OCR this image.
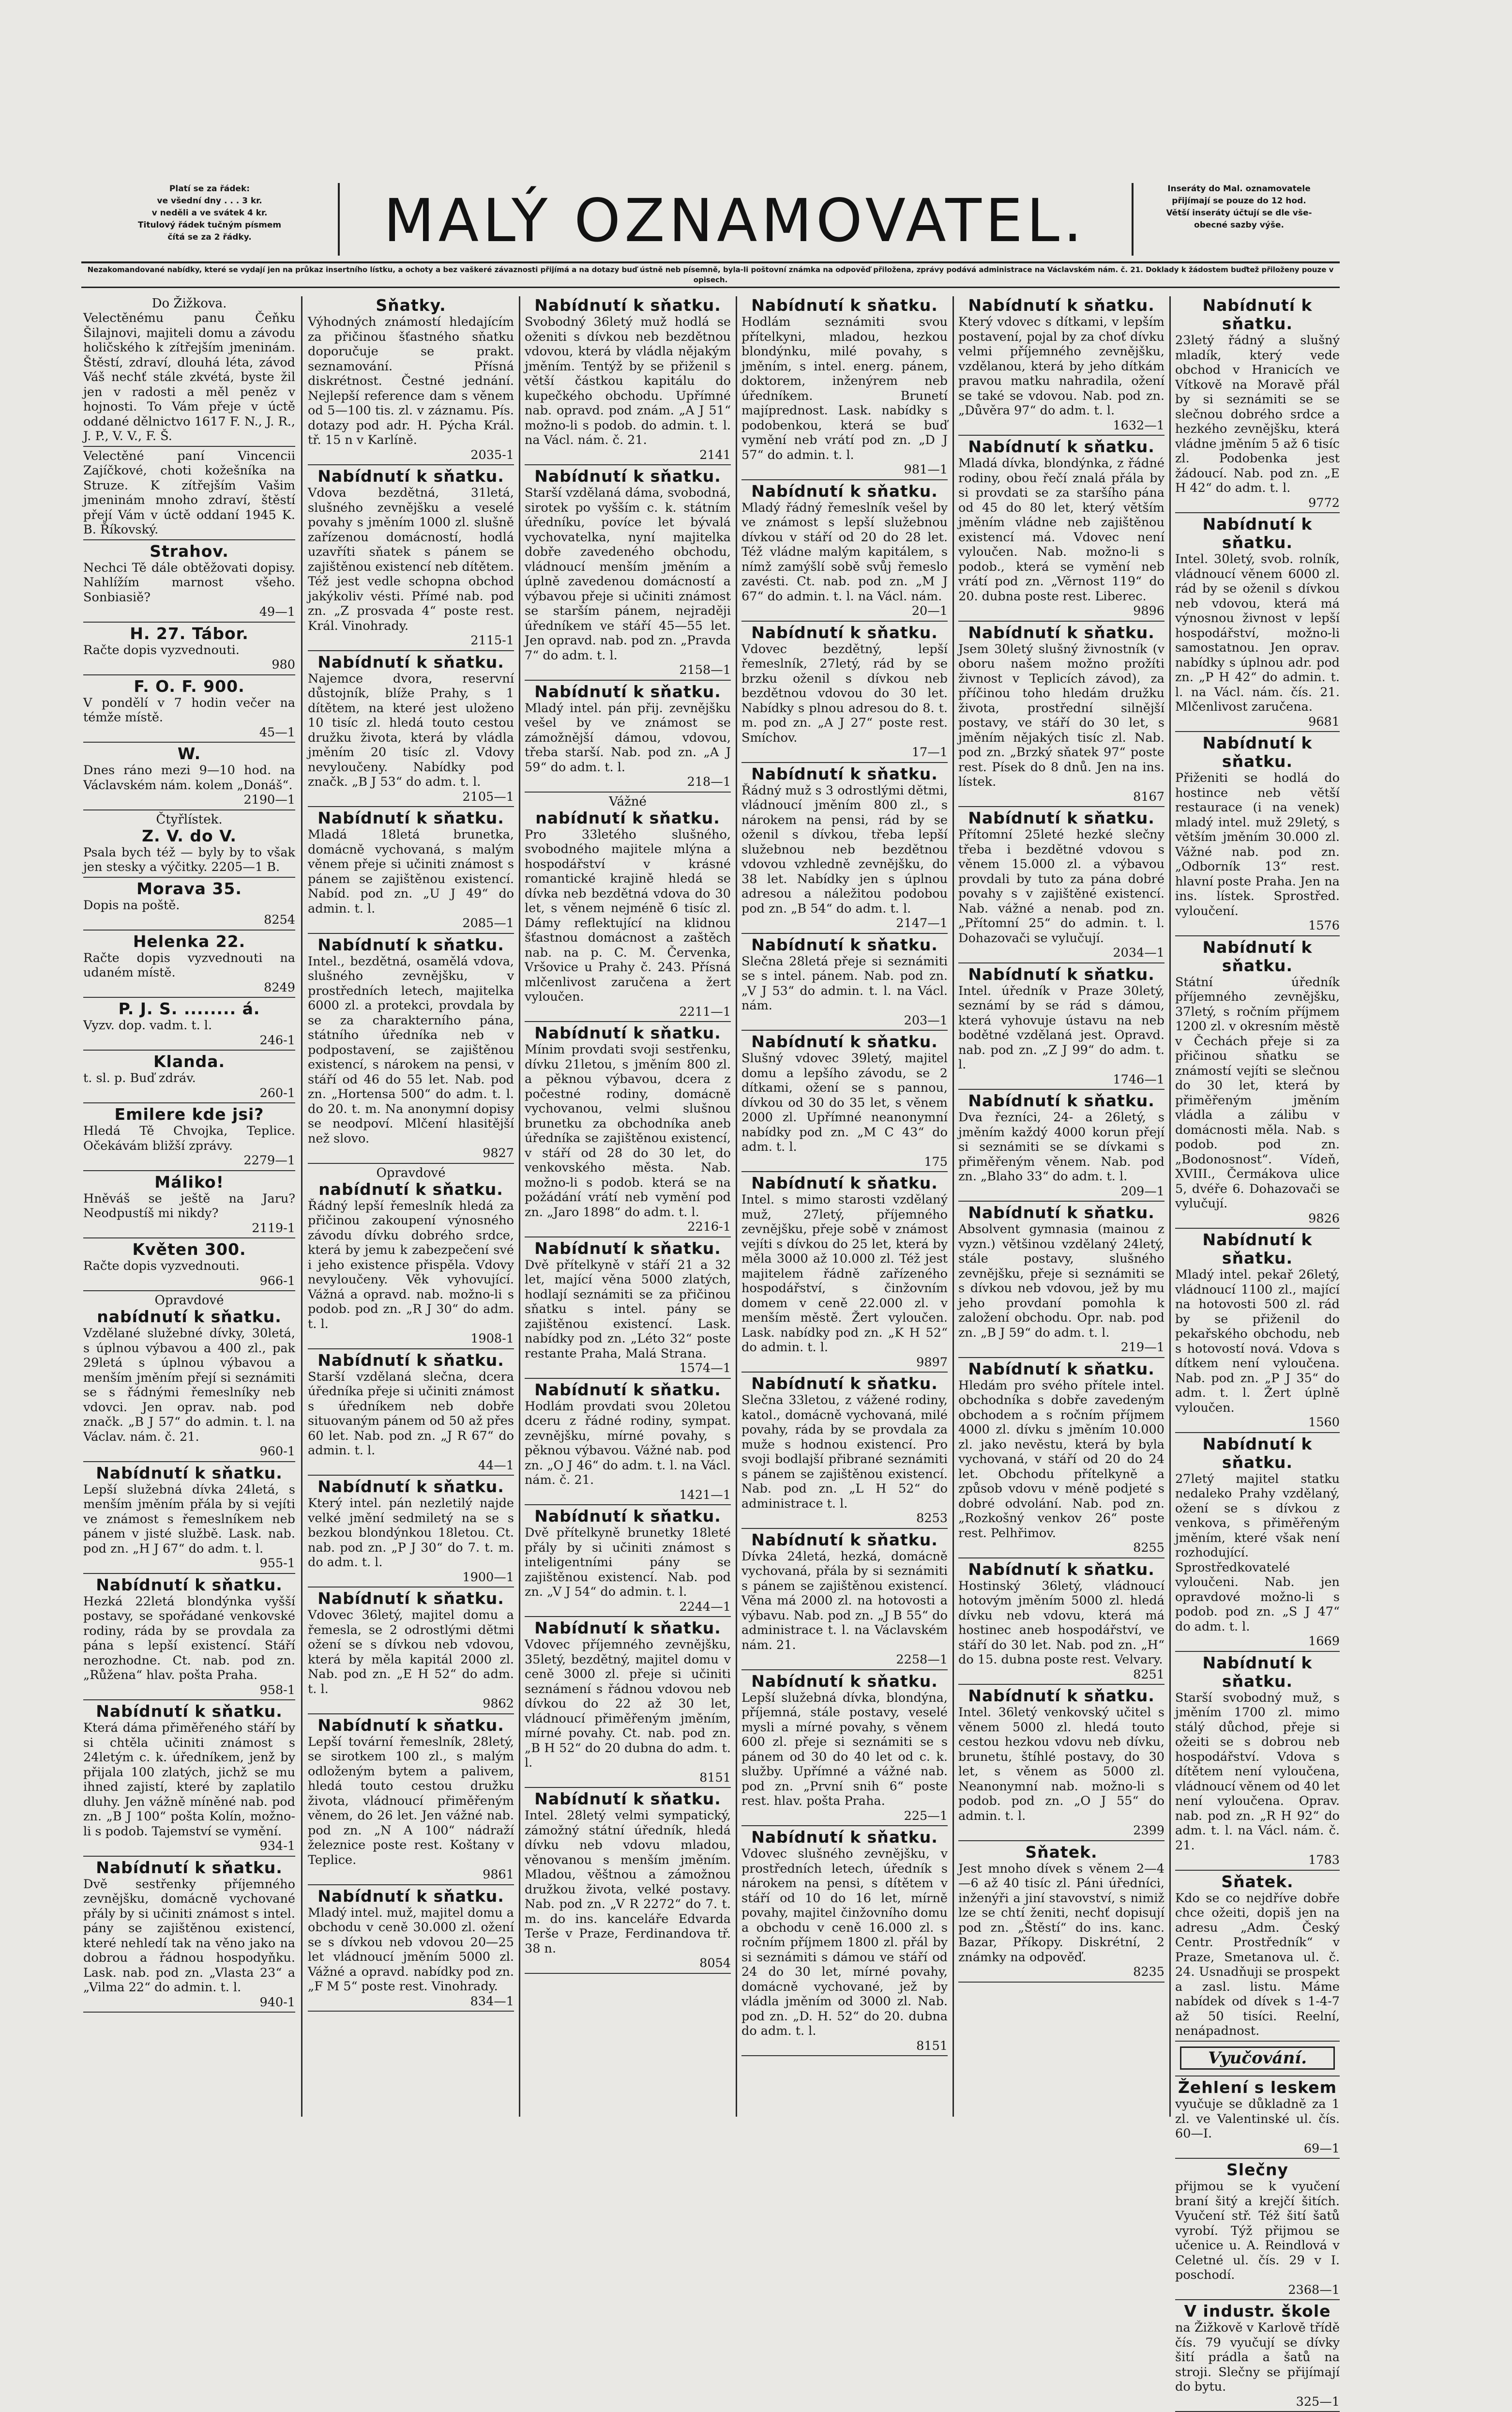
Platí se za řádek:
ve všední dny . . . 3 kr.
v neděli a ve svátek 4 kr.
Titulový řádek tučným písmem
čítá se za 2 řádky.	MALÝ OZNAMOVATEL.	Inseráty do Mal. oznamovatele
přijímají se pouze do 12 hod.
Větší inseráty účtují se dle vše-
obecné sazby výše.
Nezakomandované nabídky, které se vydají jen na průkaz insertního lístku, a ochoty a bez vaškeré závaznosti přijímá a na dotazy buď ústně neb písemně, byla-li poštovní známka na odpověď přiložena, zprávy podává administrace na Václavském nám. č. 21. Doklady k žádostem buďtež přiloženy pouze v opisech.
Do Žižkova.

Velectěnému panu Čeňku Šilajnovi, majiteli domu a závodu holičského k zítřejším jmeninám. Štěstí, zdraví, dlouhá léta, závod Váš nechť stále zkvétá, byste žil jen v radosti a měl peněz v hojnosti. To Vám přeje v úctě oddané dělnictvo 1617 F. N., J. R., J. P., V. V., F. Š.

Velectěné paní Vincencii Zajíčkové, choti kožešníka na Struze. K zítřejším Vašim jmeninám mnoho zdraví, štěstí přejí Vám v úctě oddaní 1945 K. B. Říkovský.

Strahov.

Nechci Tě dále obtěžovati dopisy. Nahlížím marnost všeho. Sonbiasiě?

49—1
H. 27. Tábor.

Račte dopis vyzvednouti.

980
F. O. F. 900.

V pondělí v 7 hodin večer na témže místě.

45—1
W.

Dnes ráno mezi 9—10 hod. na Václavském nám. kolem „Donáš“.

2190—1
Čtyřlístek.
Z. V. do V.

Psala bych též — byly by to však jen stesky a výčitky. 2205—1 B.

Morava 35.

Dopis na poště.

8254
Helenka 22.

Račte dopis vyzvednouti na udaném místě.

8249
P. J. S. ........ á.

Vyzv. dop. vadm. t. l.

246-1
Klanda.

t. sl. p. Buď zdráv.

260-1
Emilere kde jsi?

Hledá Tě Chvojka, Teplice. Očekávám bližší zprávy.

2279—1
Máliko!

Hněváš se ještě na Jaru? Neodpustíš mi nikdy?

2119-1
Květen 300.

Račte dopis vyzvednouti.

966-1
Opravdové
nabídnutí k sňatku.

Vzdělané služebné dívky, 30letá, s úplnou výbavou a 400 zl., pak 29letá s úplnou výbavou a menším jměním přejí si seznámiti se s řádnými řemeslníky neb vdovci. Jen oprav. nab. pod značk. „B J 57“ do admin. t. l. na Václav. nám. č. 21.

960-1
Nabídnutí k sňatku.

Lepší služebná dívka 24letá, s menším jměním přála by si vejíti ve známost s řemeslníkem neb pánem v jisté službě. Lask. nab. pod zn. „H J 67“ do adm. t. l.

955-1
Nabídnutí k sňatku.

Hezká 22letá blondýnka vyšší postavy, se spořádané venkovské rodiny, ráda by se provdala za pána s lepší existencí. Stáří nerozhodne. Ct. nab. pod zn. „Růžena“ hlav. pošta Praha.

958-1
Nabídnutí k sňatku.

Která dáma přiměřeného stáří by si chtěla učiniti známost s 24letým c. k. úředníkem, jenž by přijala 100 zlatých, jichž se mu ihned zajistí, které by zaplatilo dluhy. Jen vážně míněné nab. pod zn. „B J 100“ pošta Kolín, možno-li s podob. Tajemství se vymění.

934-1
Nabídnutí k sňatku.

Dvě sestřenky příjemného zevnějšku, domácně vychované přály by si učiniti známost s intel. pány se zajištěnou existencí, které nehledí tak na věno jako na dobrou a řádnou hospodyňku. Lask. nab. pod zn. „Vlasta 23“ a „Vilma 22“ do admin. t. l.

940-1
Sňatky.

Výhodných známostí hledajícím za přičinou šťastného sňatku doporučuje se prakt. seznamování. Přísná diskrétnost. Čestné jednání. Nejlepší reference dam s věnem od 5—100 tis. zl. v záznamu. Pís. dotazy pod adr. H. Pýcha Král. tř. 15 n v Karlíně.

2035-1
Nabídnutí k sňatku.

Vdova bezdětná, 31letá, slušného zevnějšku a veselé povahy s jměním 1000 zl. slušně zařízenou domácností, hodlá uzavříti sňatek s pánem se zajištěnou existencí neb dítětem. Též jest vedle schopna obchod jakýkoliv vésti. Přímé nab. pod zn. „Z prosvada 4“ poste rest. Král. Vinohrady.

2115-1
Nabídnutí k sňatku.

Najemce dvora, reservní důstojník, blíže Prahy, s 1 dítětem, na které jest uloženo 10 tisíc zl. hledá touto cestou družku života, která by vládla jměním 20 tisíc zl. Vdovy nevyloučeny. Nabídky pod značk. „B J 53“ do adm. t. l.

2105—1
Nabídnutí k sňatku.

Mladá 18letá brunetka, domácně vychovaná, s malým věnem přeje si učiniti známost s pánem se zajištěnou existencí. Nabíd. pod zn. „U J 49“ do admin. t. l.

2085—1
Nabídnutí k sňatku.

Intel., bezdětná, osamělá vdova, slušného zevnějšku, v prostředních letech, majitelka 6000 zl. a protekci, provdala by se za charakterního pána, státního úředníka neb v podpostavení, se zajištěnou existencí, s nárokem na pensi, v stáří od 46 do 55 let. Nab. pod zn. „Hortensa 500“ do adm. t. l. do 20. t. m. Na anonymní dopisy se neodpoví. Mlčení hlasitější než slovo.

9827
Opravdové
nabídnutí k sňatku.

Řádný lepší řemeslník hledá za přičinou zakoupení výnosného závodu dívku dobrého srdce, která by jemu k zabezpečení své i jeho existence přispěla. Vdovy nevyloučeny. Věk vyhovující. Vážná a opravd. nab. možno-li s podob. pod zn. „R J 30“ do adm. t. l.

1908-1
Nabídnutí k sňatku.

Starší vzdělaná slečna, dcera úředníka přeje si učiniti známost s úředníkem neb dobře situovaným pánem od 50 až přes 60 let. Nab. pod zn. „J R 67“ do admin. t. l.

44—1
Nabídnutí k sňatku.

Který intel. pán nezletilý najde velké jmění sedmiletý na se s bezkou blondýnkou 18letou. Ct. nab. pod zn. „P J 30“ do 7. t. m. do adm. t. l.

1900—1
Nabídnutí k sňatku.

Vdovec 36letý, majitel domu a řemesla, se 2 odrostlými dětmi ožení se s dívkou neb vdovou, která by měla kapitál 2000 zl. Nab. pod zn. „E H 52“ do adm. t. l.

9862
Nabídnutí k sňatku.

Lepší tovární řemeslník, 28letý, se sirotkem 100 zl., s malým odloženým bytem a palivem, hledá touto cestou družku života, vládnoucí přiměřeným věnem, do 26 let. Jen vážné nab. pod zn. „N A 100“ nádraží železnice poste rest. Koštany v Teplice.

9861
Nabídnutí k sňatku.

Mladý intel. muž, majitel domu a obchodu v ceně 30.000 zl. ožení se s dívkou neb vdovou 20—25 let vládnoucí jměním 5000 zl. Vážné a opravd. nabídky pod zn. „F M 5“ poste rest. Vinohrady.

834—1
Nabídnutí k sňatku.

Svobodný 36letý muž hodlá se oženiti s dívkou neb bezdětnou vdovou, která by vládla nějakým jměním. Tentýž by se přiženil s větší částkou kapitálu do kupečkého obchodu. Upřímné nab. opravd. pod znám. „A J 51“ možno-li s podob. do admin. t. l. na Václ. nám. č. 21.

2141
Nabídnutí k sňatku.

Starší vzdělaná dáma, svobodná, sirotek po vyšším c. k. státním úředníku, povíce let bývalá vychovatelka, nyní majitelka dobře zavedeného obchodu, vládnoucí menším jměním a úplně zavedenou domácností a výbavou přeje si učiniti známost se starším pánem, nejraději úředníkem ve stáří 45—55 let. Jen opravd. nab. pod zn. „Pravda 7“ do adm. t. l.

2158—1
Nabídnutí k sňatku.

Mladý intel. pán přij. zevnějšku vešel by ve známost se zámožnější dámou, vdovou, třeba starší. Nab. pod zn. „A J 59“ do adm. t. l.

218—1
Vážné
nabídnutí k sňatku.

Pro 33letého slušného, svobodného majitele mlýna a hospodářství v krásné romantické krajině hledá se dívka neb bezdětná vdova do 30 let, s věnem nejméně 6 tisíc zl. Dámy reflektující na klidnou šťastnou domácnost a zaštěch nab. na p. C. M. Červenka, Vršovice u Prahy č. 243. Přísná mlčenlivost zaručena a žert vyloučen.

2211—1
Nabídnutí k sňatku.

Mínim provdati svoji sestřenku, dívku 21letou, s jměním 800 zl. a pěknou výbavou, dcera z počestné rodiny, domácně vychovanou, velmi slušnou brunetku za obchodníka aneb úředníka se zajištěnou existencí, v stáří od 28 do 30 let, do venkovského města. Nab. možno-li s podob. která se na požádání vrátí neb vymění pod zn. „Jaro 1898“ do adm. t. l.

2216-1
Nabídnutí k sňatku.

Dvě přítelkyně v stáří 21 a 32 let, mající věna 5000 zlatých, hodlají seznámiti se za přičinou sňatku s intel. pány se zajištěnou existencí. Lask. nabídky pod zn. „Léto 32“ poste restante Praha, Malá Strana.

1574—1
Nabídnutí k sňatku.

Hodlám provdati svou 20letou dceru z řádné rodiny, sympat. zevnějšku, mírné povahy, s pěknou výbavou. Vážné nab. pod zn. „O J 46“ do adm. t. l. na Václ. nám. č. 21.

1421—1
Nabídnutí k sňatku.

Dvě přítelkyně brunetky 18leté přály by si učiniti známost s inteligentními pány se zajištěnou existencí. Nab. pod zn. „V J 54“ do admin. t. l.

2244—1
Nabídnutí k sňatku.

Vdovec příjemného zevnějšku, 35letý, bezdětný, majitel domu v ceně 3000 zl. přeje si učiniti seznámení s řádnou vdovou neb dívkou do 22 až 30 let, vládnoucí přiměřeným jměním, mírné povahy. Ct. nab. pod zn. „B H 52“ do 20 dubna do adm. t. l.

8151
Nabídnutí k sňatku.

Intel. 28letý velmi sympatický, zámožný státní úředník, hledá dívku neb vdovu mladou, věnovanou s menším jměním. Mladou, věštnou a zámožnou družkou života, velké postavy. Nab. pod zn. „V R 2272“ do 7. t. m. do ins. kanceláře Edvarda Terše v Praze, Ferdinandova tř. 38 n.

8054
Nabídnutí k sňatku.

Hodlám seznámiti svou přítelkyni, mladou, hezkou blondýnku, milé povahy, s jměním, s intel. energ. pánem, doktorem, inženýrem neb úředníkem. Brunetí majíprednost. Lask. nabídky s podobenkou, která se buď vymění neb vrátí pod zn. „D J 57“ do admin. t. l.

981—1
Nabídnutí k sňatku.

Mladý řádný řemeslník vešel by ve známost s lepší služebnou dívkou v stáří od 20 do 28 let. Též vládne malým kapitálem, s nímž zamýšlí sobě svůj řemeslo zavésti. Ct. nab. pod zn. „M J 67“ do admin. t. l. na Václ. nám.

20—1
Nabídnutí k sňatku.

Vdovec bezdětný, lepší řemeslník, 27letý, rád by se brzku oženil s dívkou neb bezdětnou vdovou do 30 let. Nabídky s plnou adresou do 8. t. m. pod zn. „A J 27“ poste rest. Smíchov.

17—1
Nabídnutí k sňatku.

Řádný muž s 3 odrostlými dětmi, vládnoucí jměním 800 zl., s nárokem na pensi, rád by se oženil s dívkou, třeba lepší služebnou neb bezdětnou vdovou vzhledně zevnějšku, do 38 let. Nabídky jen s úplnou adresou a náležitou podobou pod zn. „B 54“ do adm. t. l.

2147—1
Nabídnutí k sňatku.

Slečna 28letá přeje si seznámiti se s intel. pánem. Nab. pod zn. „V J 53“ do admin. t. l. na Václ. nám.

203—1
Nabídnutí k sňatku.

Slušný vdovec 39letý, majitel domu a lepšího závodu, se 2 dítkami, ožení se s pannou, dívkou od 30 do 35 let, s věnem 2000 zl. Upřímné neanonymní nabídky pod zn. „M C 43“ do adm. t. l.

175
Nabídnutí k sňatku.

Intel. s mimo starosti vzdělaný muž, 27letý, příjemného zevnějšku, přeje sobě v známost vejíti s dívkou do 25 let, která by měla 3000 až 10.000 zl. Též jest majitelem řádně zařízeného hospodářství, s činžovním domem v ceně 22.000 zl. v menším městě. Žert vyloučen. Lask. nabídky pod zn. „K H 52“ do admin. t. l.

9897
Nabídnutí k sňatku.

Slečna 33letou, z vážené rodiny, katol., domácně vychovaná, milé povahy, ráda by se provdala za muže s hodnou existencí. Pro svoji bodlajší přibrané seznámiti s pánem se zajištěnou existencí. Nab. pod zn. „L H 52“ do administrace t. l.

8253
Nabídnutí k sňatku.

Dívka 24letá, hezká, domácně vychovaná, přála by si seznámiti s pánem se zajištěnou existencí. Věna má 2000 zl. na hotovosti a výbavu. Nab. pod zn. „J B 55“ do administrace t. l. na Václavském nám. 21.

2258—1
Nabídnutí k sňatku.

Lepší služebná dívka, blondýna, příjemná, stále postavy, veselé mysli a mírné povahy, s věnem 600 zl. přeje si seznámiti se s pánem od 30 do 40 let od c. k. služby. Upřímné a vážné nab. pod zn. „První snih 6“ poste rest. hlav. pošta Praha.

225—1
Nabídnutí k sňatku.

Vdovec slušného zevnějšku, v prostředních letech, úředník s nárokem na pensi, s dítětem v stáří od 10 do 16 let, mírně povahy, majitel činžovního domu a obchodu v ceně 16.000 zl. s ročním příjmem 1800 zl. přál by si seznámiti s dámou ve stáří od 24 do 30 let, mírné povahy, domácně vychované, jež by vládla jměním od 3000 zl. Nab. pod zn. „D. H. 52“ do 20. dubna do adm. t. l.

8151
Nabídnutí k sňatku.

Který vdovec s dítkami, v lepším postavení, pojal by za choť dívku velmi příjemného zevnějšku, vzdělanou, která by jeho dítkám pravou matku nahradila, ožení se také se vdovou. Nab. pod zn. „Důvěra 97“ do adm. t. l.

1632—1
Nabídnutí k sňatku.

Mladá dívka, blondýnka, z řádné rodiny, obou řečí znalá přála by si provdati se za staršího pána od 45 do 80 let, který větším jměním vládne neb zajištěnou existencí má. Vdovec není vyloučen. Nab. možno-li s podob., která se vymění neb vrátí pod zn. „Věrnost 119“ do 20. dubna poste rest. Liberec.

9896
Nabídnutí k sňatku.

Jsem 30letý slušný živnostník (v oboru našem možno prožíti živnost v Teplicích závod), za příčinou toho hledám družku života, prostřední silnější postavy, ve stáří do 30 let, s jměním nějakých tisíc zl. Nab. pod zn. „Brzký sňatek 97“ poste rest. Písek do 8 dnů. Jen na ins. lístek.

8167
Nabídnutí k sňatku.

Přítomní 25leté hezké slečny třeba i bezdětné vdovou s věnem 15.000 zl. a výbavou provdali by tuto za pána dobré povahy s v zajištěné existencí. Nab. vážné a nenab. pod zn. „Přítomní 25“ do admin. t. l. Dohazovači se vylučují.

2034—1
Nabídnutí k sňatku.

Intel. úředník v Praze 30letý, seznámí by se rád s dámou, která vyhovuje ústavu na neb bodětné vzdělaná jest. Opravd. nab. pod zn. „Z J 99“ do adm. t. l.

1746—1
Nabídnutí k sňatku.

Dva řezníci, 24- a 26letý, s jměním každý 4000 korun přejí si seznámiti se se dívkami s přiměřeným věnem. Nab. pod zn. „Blaho 33“ do adm. t. l.

209—1
Nabídnutí k sňatku.

Absolvent gymnasia (mainou z vyzn.) většinou vzdělaný 24letý, stále postavy, slušného zevnějšku, přeje si seznámiti se s dívkou neb vdovou, jež by mu jeho provdaní pomohla k založení obchodu. Opr. nab. pod zn. „B J 59“ do adm. t. l.

219—1
Nabídnutí k sňatku.

Hledám pro svého přítele intel. obchodníka s dobře zavedeným obchodem a s ročním příjmem 4000 zl. dívku s jměním 10.000 zl. jako nevěstu, která by byla vychovaná, v stáří od 20 do 24 let. Obchodu přítelkyně a způsob vdovu v méně podjeté s dobré odvolání. Nab. pod zn. „Rozkošný venkov 26“ poste rest. Pelhřimov.

8255
Nabídnutí k sňatku.

Hostinský 36letý, vládnoucí hotovým jměním 5000 zl. hledá dívku neb vdovu, která má hostinec aneb hospodářství, ve stáří do 30 let. Nab. pod zn. „H“ do 15. dubna poste rest. Velvary.

8251
Nabídnutí k sňatku.

Intel. 36letý venkovský učitel s věnem 5000 zl. hledá touto cestou hezkou vdovu neb dívku, brunetu, štíhlé postavy, do 30 let, s věnem as 5000 zl. Neanonymní nab. možno-li s podob. pod zn. „O J 55“ do admin. t. l.

2399
Sňatek.

Jest mnoho dívek s věnem 2—4—6 až 40 tisíc zl. Páni úředníci, inženýři a jiní stavovství, s nimiž lze se chtí ženiti, nechť dopisují pod zn. „Štěstí“ do ins. kanc. Bazar, Příkopy. Diskrétní, 2 známky na odpověď.

8235
Nabídnutí k sňatku.

23letý řádný a slušný mladík, který vede obchod v Hranicích ve Vítkově na Moravě přál by si seznámiti se se slečnou dobrého srdce a hezkého zevnějšku, která vládne jměním 5 až 6 tisíc zl. Podobenka jest žádoucí. Nab. pod zn. „E H 42“ do adm. t. l.

9772
Nabídnutí k sňatku.

Intel. 30letý, svob. rolník, vládnoucí věnem 6000 zl. rád by se oženil s dívkou neb vdovou, která má výnosnou živnost v lepší hospodářství, možno-li samostatnou. Jen oprav. nabídky s úplnou adr. pod zn. „P H 42“ do admin. t. l. na Václ. nám. čís. 21. Mlčenlivost zaručena.

9681
Nabídnutí k sňatku.

Přiženiti se hodlá do hostince neb větší restaurace (i na venek) mladý intel. muž 29letý, s větším jměním 30.000 zl. Vážné nab. pod zn. „Odborník 13“ rest. hlavní poste Praha. Jen na ins. lístek. Sprostřed. vyloučení.

1576
Nabídnutí k sňatku.

Státní úředník příjemného zevnějšku, 37letý, s ročním příjmem 1200 zl. v okresním městě v Čechách přeje si za přičinou sňatku se známostí vejíti se slečnou do 30 let, která by přiměřeným jměním vládla a zálibu v domácnosti měla. Nab. s podob. pod zn. „Bodonosnost“. Vídeň, XVIII., Čermákova ulice 5, dvéře 6. Dohazovači se vylučují.

9826
Nabídnutí k sňatku.

Mladý intel. pekař 26letý, vládnoucí 1100 zl., mající na hotovosti 500 zl. rád by se přiženil do pekařského obchodu, neb s hotovostí nová. Vdova s dítkem není vyloučena. Nab. pod zn. „P J 35“ do adm. t. l. Žert úplně vyloučen.

1560
Nabídnutí k sňatku.

27letý majitel statku nedaleko Prahy vzdělaný, ožení se s dívkou z venkova, s přiměřeným jměním, které však není rozhodující. Sprostředkovatelé vyloučeni. Nab. jen opravdové možno-li s podob. pod zn. „S J 47“ do adm. t. l.

1669
Nabídnutí k sňatku.

Starší svobodný muž, s jměním 1700 zl. mimo stálý důchod, přeje si ožeiti se s dobrou neb hospodářství. Vdova s dítětem není vyloučena, vládnoucí věnem od 40 let není vyloučena. Oprav. nab. pod zn. „R H 92“ do adm. t. l. na Václ. nám. č. 21.

1783
Sňatek.

Kdo se co nejdříve dobře chce ožeiti, dopiš jen na adresu „Adm. Český Centr. Prostředník“ v Praze, Smetanova ul. č. 24. Usnadňuji se prospekt a zasl. listu. Máme nabídek od dívek s 1-4-7 až 50 tisíci. Reelní, nenápadnost.

Vyučování.
Žehlení s leskem

vyučuje se důkladně za 1 zl. ve Valentinské ul. čís. 60—I.

69—1
Slečny

přijmou se k vyučení braní šitý a krejčí šitích. Vyučení stř. Též šití šatů vyrobí. Týž přijmou se učenice u. A. Reindlová v Celetné ul. čís. 29 v I. poschodí.

2368—1
V industr. škole

na Žižkově v Karlově třídě čís. 79 vyučují se dívky šití prádla a šatů na stroji. Slečny se přijímají do bytu.

325—1
